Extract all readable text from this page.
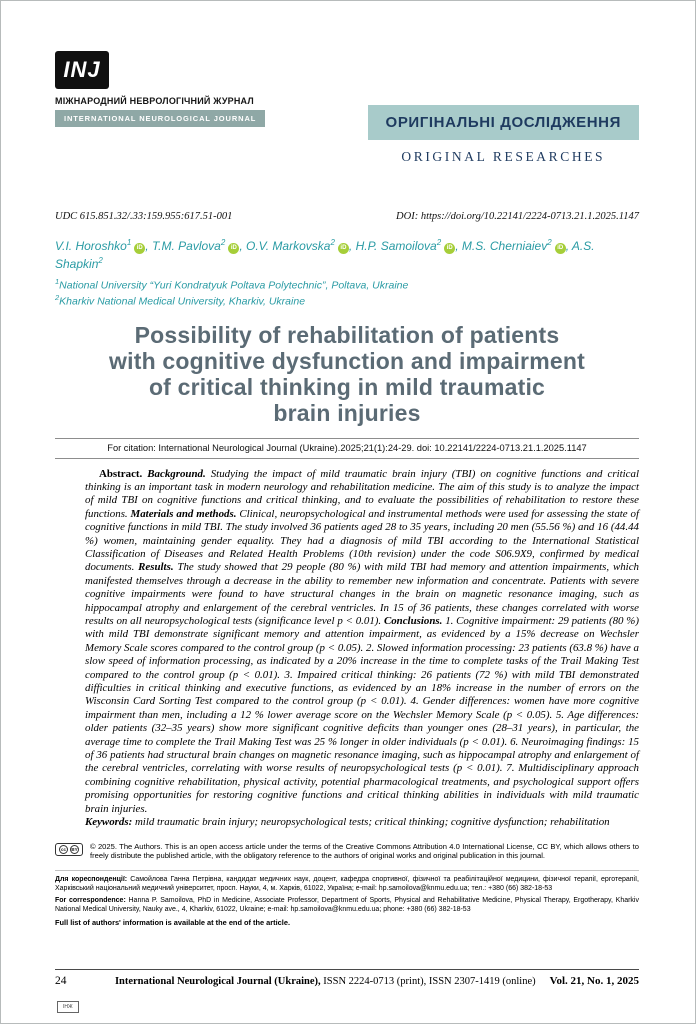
INJ
МІЖНАРОДНИЙ НЕВРОЛОГІЧНИЙ ЖУРНАЛ
INTERNATIONAL NEUROLOGICAL JOURNAL	ОРИГІНАЛЬНІ ДОСЛІДЖЕННЯ
ORIGINAL RESEARCHES
UDC 615.851.32/.33:159.955:617.51-001	DOI: https://doi.org/10.22141/2224-0713.21.1.2025.1147
V.I. Horoshko$^1$iD , T.M. Pavlova$^2$iD , O.V. Markovska$^2$iD , H.P. Samoilova$^2$iD , M.S. Cherniaiev$^2$iD , A.S. Shapkin$^2$
$^1$National University “Yuri Kondratyuk Poltava Polytechnic”, Poltava, Ukraine
$^2$Kharkiv National Medical University, Kharkiv, Ukraine
Possibility of rehabilitation of patients
with cognitive dysfunction and impairment
of critical thinking in mild traumatic
brain injuries
For citation: International Neurological Journal (Ukraine).2025;21(1):24-29. doi: 10.22141/2224-0713.21.1.2025.1147

Abstract. Background. Studying the impact of mild traumatic brain injury (TBI) on cognitive functions and critical thinking is an important task in modern neurology and rehabilitation medicine. The aim of this study is to analyze the impact of mild TBI on cognitive functions and critical thinking, and to evaluate the possibilities of rehabilitation to restore these functions. Materials and methods. Clinical, neuropsychological and instrumental methods were used for assessing the state of cognitive functions in mild TBI. The study involved 36 patients aged 28 to 35 years, including 20 men (55.56 %) and 16 (44.44 %) women, maintaining gender equality. They had a diagnosis of mild TBI according to the International Statistical Classification of Diseases and Related Health Problems (10th revision) under the code S06.9X9, confirmed by medical documents. Results. The study showed that 29 people (80 %) with mild TBI had memory and attention impairments, which manifested themselves through a decrease in the ability to remember new information and concentrate. Patients with severe cognitive impairments were found to have structural changes in the brain on magnetic resonance imaging, such as hippocampal atrophy and enlargement of the cerebral ventricles. In 15 of 36 patients, these changes correlated with worse results on all neuropsychological tests (significance level p < 0.01). Conclusions. 1. Cognitive impairment: 29 patients (80 %) with mild TBI demonstrate significant memory and attention impairment, as evidenced by a 15% decrease on Wechsler Memory Scale scores compared to the control group (p < 0.05). 2. Slowed information processing: 23 patients (63.8 %) have a slow speed of information processing, as indicated by a 20% increase in the time to complete tasks of the Trail Making Test compared to the control group (p < 0.01). 3. Impaired critical thinking: 26 patients (72 %) with mild TBI demonstrated difficulties in critical thinking and executive functions, as evidenced by an 18% increase in the number of errors on the Wisconsin Card Sorting Test compared to the control group (p < 0.01). 4. Gender differences: women have more cognitive impairment than men, including a 12 % lower average score on the Wechsler Memory Scale (p < 0.05). 5. Age differences: older patients (32–35 years) show more significant cognitive deficits than younger ones (28–31 years), in particular, the average time to complete the Trail Making Test was 25 % longer in older individuals (p < 0.01). 6. Neuroimaging findings: 15 of 36 patients had structural brain changes on magnetic resonance imaging, such as hippocampal atrophy and enlargement of the cerebral ventricles, correlating with worse results of neuropsychological tests (p < 0.01). 7. Multidisciplinary approach combining cognitive rehabilitation, physical activity, potential pharmacological treatments, and psychological support offers promising opportunities for restoring cognitive functions and critical thinking abilities in individuals with mild traumatic brain injuries.

Keywords: mild traumatic brain injury; neuropsychological tests; critical thinking; cognitive dysfunction; rehabilitation

cc	BY © 2025. The Authors. This is an open access article under the terms of the Creative Commons Attribution 4.0 International License, CC BY, which allows others to freely distribute the published article, with the obligatory reference to the authors of original works and original publication in this journal.

Для кореспонденції: Самойлова Ганна Петрівна, кандидат медичних наук, доцент, кафедра спортивної, фізичної та реабілітаційної медицини, фізичної терапії, ерготерапії, Харківський національний медичний університет, просп. Науки, 4, м. Харків, 61022, Україна; e-mail: hp.samoilova@knmu.edu.ua; тел.: +380 (66) 382-18-53

For correspondence: Hanna P. Samoilova, PhD in Medicine, Associate Professor, Department of Sports, Physical and Rehabilitative Medicine, Physical Therapy, Ergotherapy, Kharkiv National Medical University, Nauky ave., 4, Kharkiv, 61022, Ukraine; e-mail: hp.samoilova@knmu.edu.ua; phone: +380 (66) 382-18-53

Full list of authors' information is available at the end of the article.

24	International Neurological Journal (Ukraine), ISSN 2224-0713 (print), ISSN 2307-1419 (online)	Vol. 21, No. 1, 2025
ІНЖ
